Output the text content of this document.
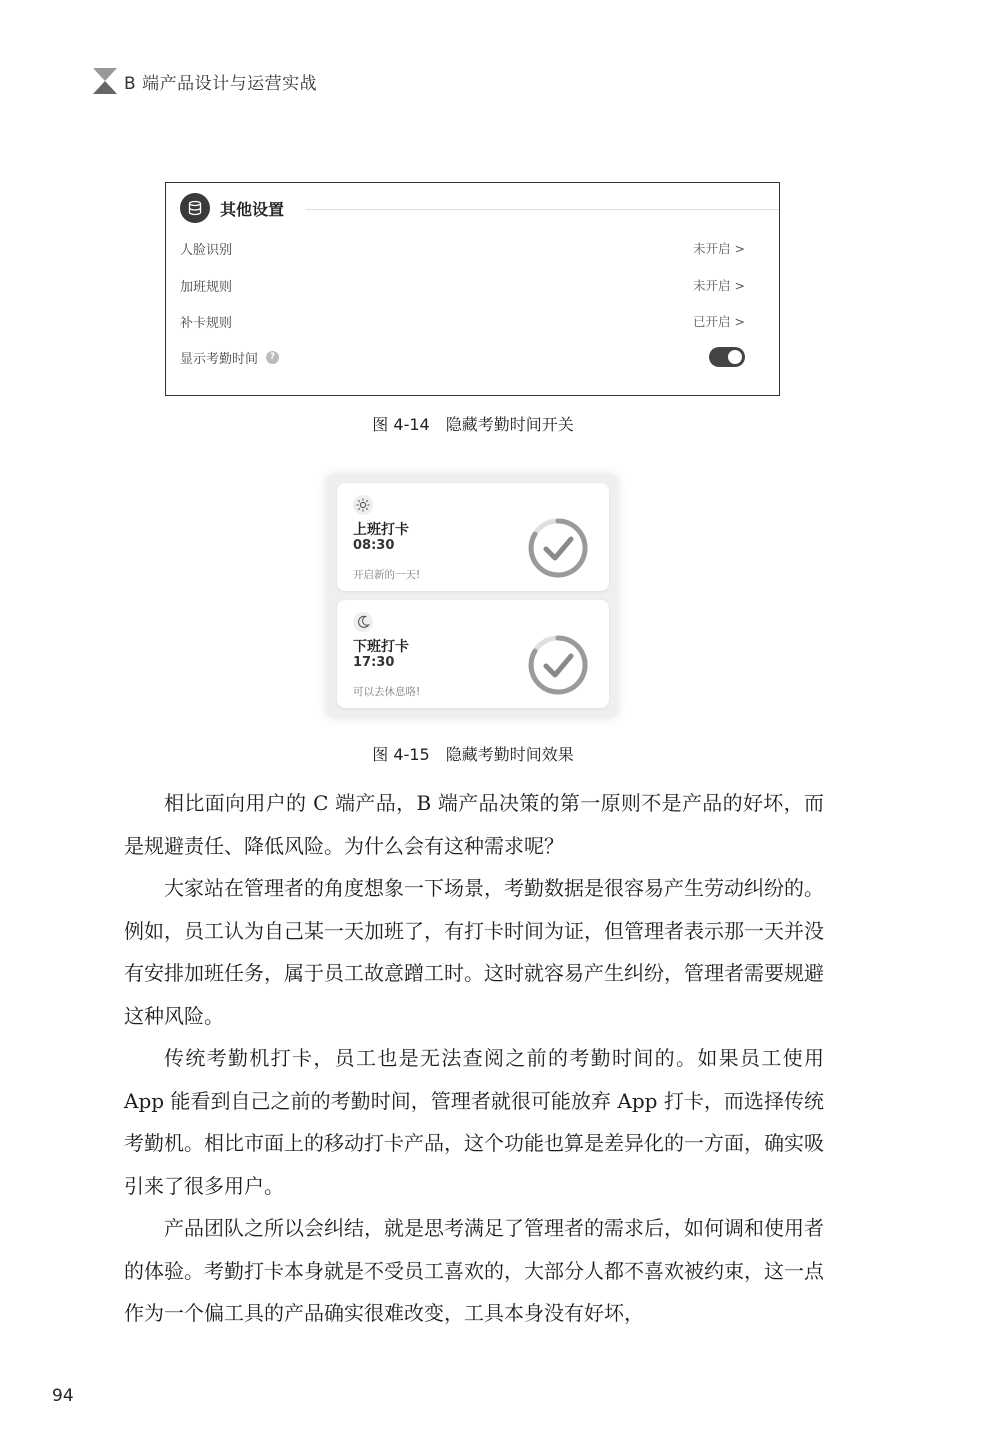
B 端产品设计与运营实战
其他设置
人脸识别	未开启 >
加班规则	未开启 >
补卡规则	已开启 >
显示考勤时间	?
图 4-14　隐藏考勤时间开关
上班打卡
08:30
开启新的一天!
下班打卡
17:30
可以去休息咯!
图 4-15　隐藏考勤时间效果

相比面向用户的 C 端产品，B 端产品决策的第一原则不是产品的好坏，而是规避责任、降低风险。为什么会有这种需求呢？

大家站在管理者的角度想象一下场景，考勤数据是很容易产生劳动纠纷的。例如，员工认为自己某一天加班了，有打卡时间为证，但管理者表示那一天并没有安排加班任务，属于员工故意蹭工时。这时就容易产生纠纷，管理者需要规避这种风险。

传统考勤机打卡，员工也是无法查阅之前的考勤时间的。如果员工使用 App 能看到自己之前的考勤时间，管理者就很可能放弃 App 打卡，而选择传统考勤机。相比市面上的移动打卡产品，这个功能也算是差异化的一方面，确实吸引来了很多用户。

产品团队之所以会纠结，就是思考满足了管理者的需求后，如何调和使用者的体验。考勤打卡本身就是不受员工喜欢的，大部分人都不喜欢被约束，这一点作为一个偏工具的产品确实很难改变，工具本身没有好坏，

94
